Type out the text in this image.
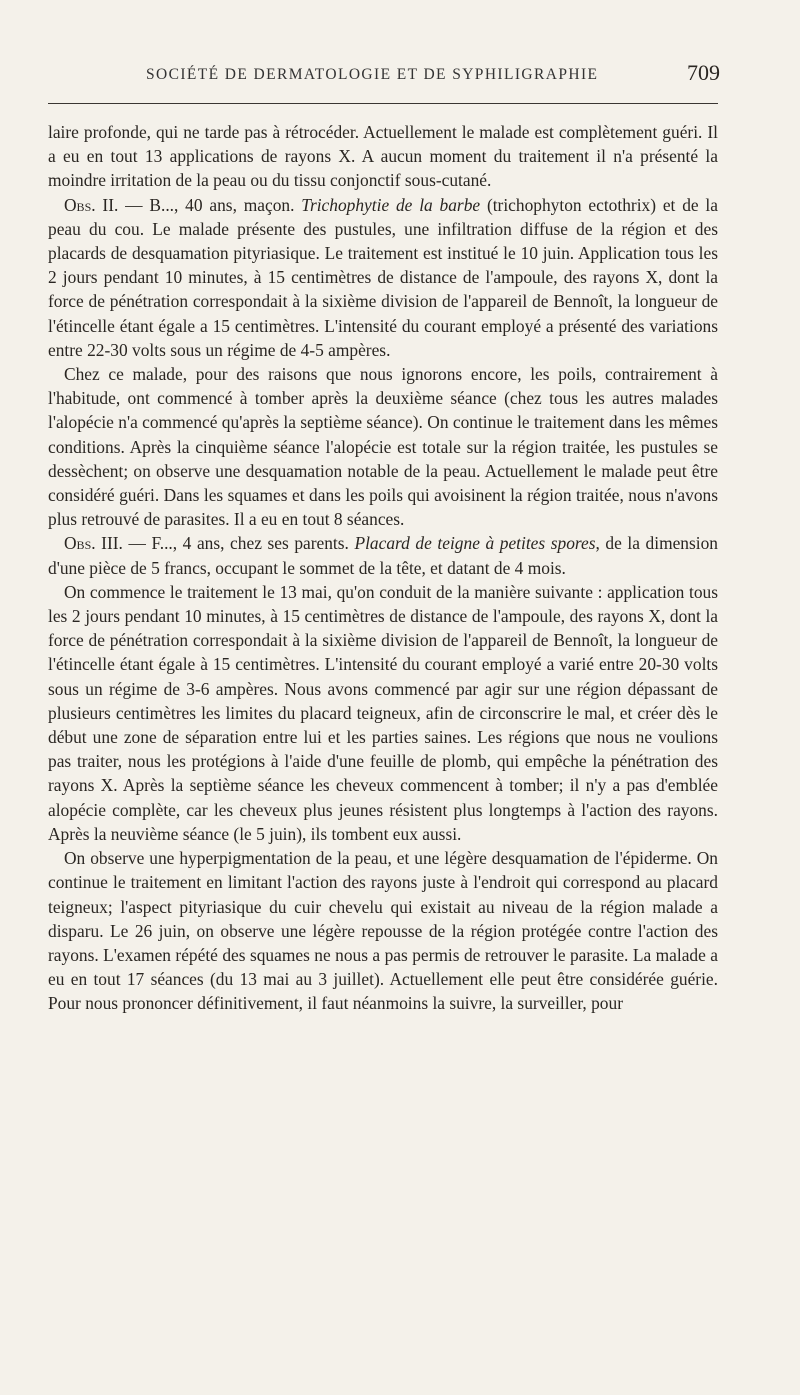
SOCIÉTÉ DE DERMATOLOGIE ET DE SYPHILIGRAPHIE	709

laire profonde, qui ne tarde pas à rétrocéder. Actuellement le malade est complètement guéri. Il a eu en tout 13 applications de rayons X. A aucun moment du traitement il n'a présenté la moindre irritation de la peau ou du tissu conjonctif sous-cutané.

Obs. II. — B..., 40 ans, maçon. Trichophytie de la barbe (trichophyton ectothrix) et de la peau du cou. Le malade présente des pustules, une infiltration diffuse de la région et des placards de desquamation pityriasique. Le traitement est institué le 10 juin. Application tous les 2 jours pendant 10 minutes, à 15 centimètres de distance de l'ampoule, des rayons X, dont la force de pénétration correspondait à la sixième division de l'appareil de Bennoît, la longueur de l'étincelle étant égale a 15 centimètres. L'intensité du courant employé a présenté des variations entre 22-30 volts sous un régime de 4-5 ampères.

Chez ce malade, pour des raisons que nous ignorons encore, les poils, contrairement à l'habitude, ont commencé à tomber après la deuxième séance (chez tous les autres malades l'alopécie n'a commencé qu'après la septième séance). On continue le traitement dans les mêmes conditions. Après la cinquième séance l'alopécie est totale sur la région traitée, les pustules se dessèchent; on observe une desquamation notable de la peau. Actuellement le malade peut être considéré guéri. Dans les squames et dans les poils qui avoisinent la région traitée, nous n'avons plus retrouvé de parasites. Il a eu en tout 8 séances.

Obs. III. — F..., 4 ans, chez ses parents. Placard de teigne à petites spores, de la dimension d'une pièce de 5 francs, occupant le sommet de la tête, et datant de 4 mois.

On commence le traitement le 13 mai, qu'on conduit de la manière suivante : application tous les 2 jours pendant 10 minutes, à 15 centimètres de distance de l'ampoule, des rayons X, dont la force de pénétration correspondait à la sixième division de l'appareil de Bennoît, la longueur de l'étincelle étant égale à 15 centimètres. L'intensité du courant employé a varié entre 20-30 volts sous un régime de 3-6 ampères. Nous avons commencé par agir sur une région dépassant de plusieurs centimètres les limites du placard teigneux, afin de circonscrire le mal, et créer dès le début une zone de séparation entre lui et les parties saines. Les régions que nous ne voulions pas traiter, nous les protégions à l'aide d'une feuille de plomb, qui empêche la pénétration des rayons X. Après la septième séance les cheveux commencent à tomber; il n'y a pas d'emblée alopécie complète, car les cheveux plus jeunes résistent plus longtemps à l'action des rayons. Après la neuvième séance (le 5 juin), ils tombent eux aussi.

On observe une hyperpigmentation de la peau, et une légère desquamation de l'épiderme. On continue le traitement en limitant l'action des rayons juste à l'endroit qui correspond au placard teigneux; l'aspect pityriasique du cuir chevelu qui existait au niveau de la région malade a disparu. Le 26 juin, on observe une légère repousse de la région protégée contre l'action des rayons. L'examen répété des squames ne nous a pas permis de retrouver le parasite. La malade a eu en tout 17 séances (du 13 mai au 3 juillet). Actuellement elle peut être considérée guérie. Pour nous prononcer définitivement, il faut néanmoins la suivre, la surveiller, pour
